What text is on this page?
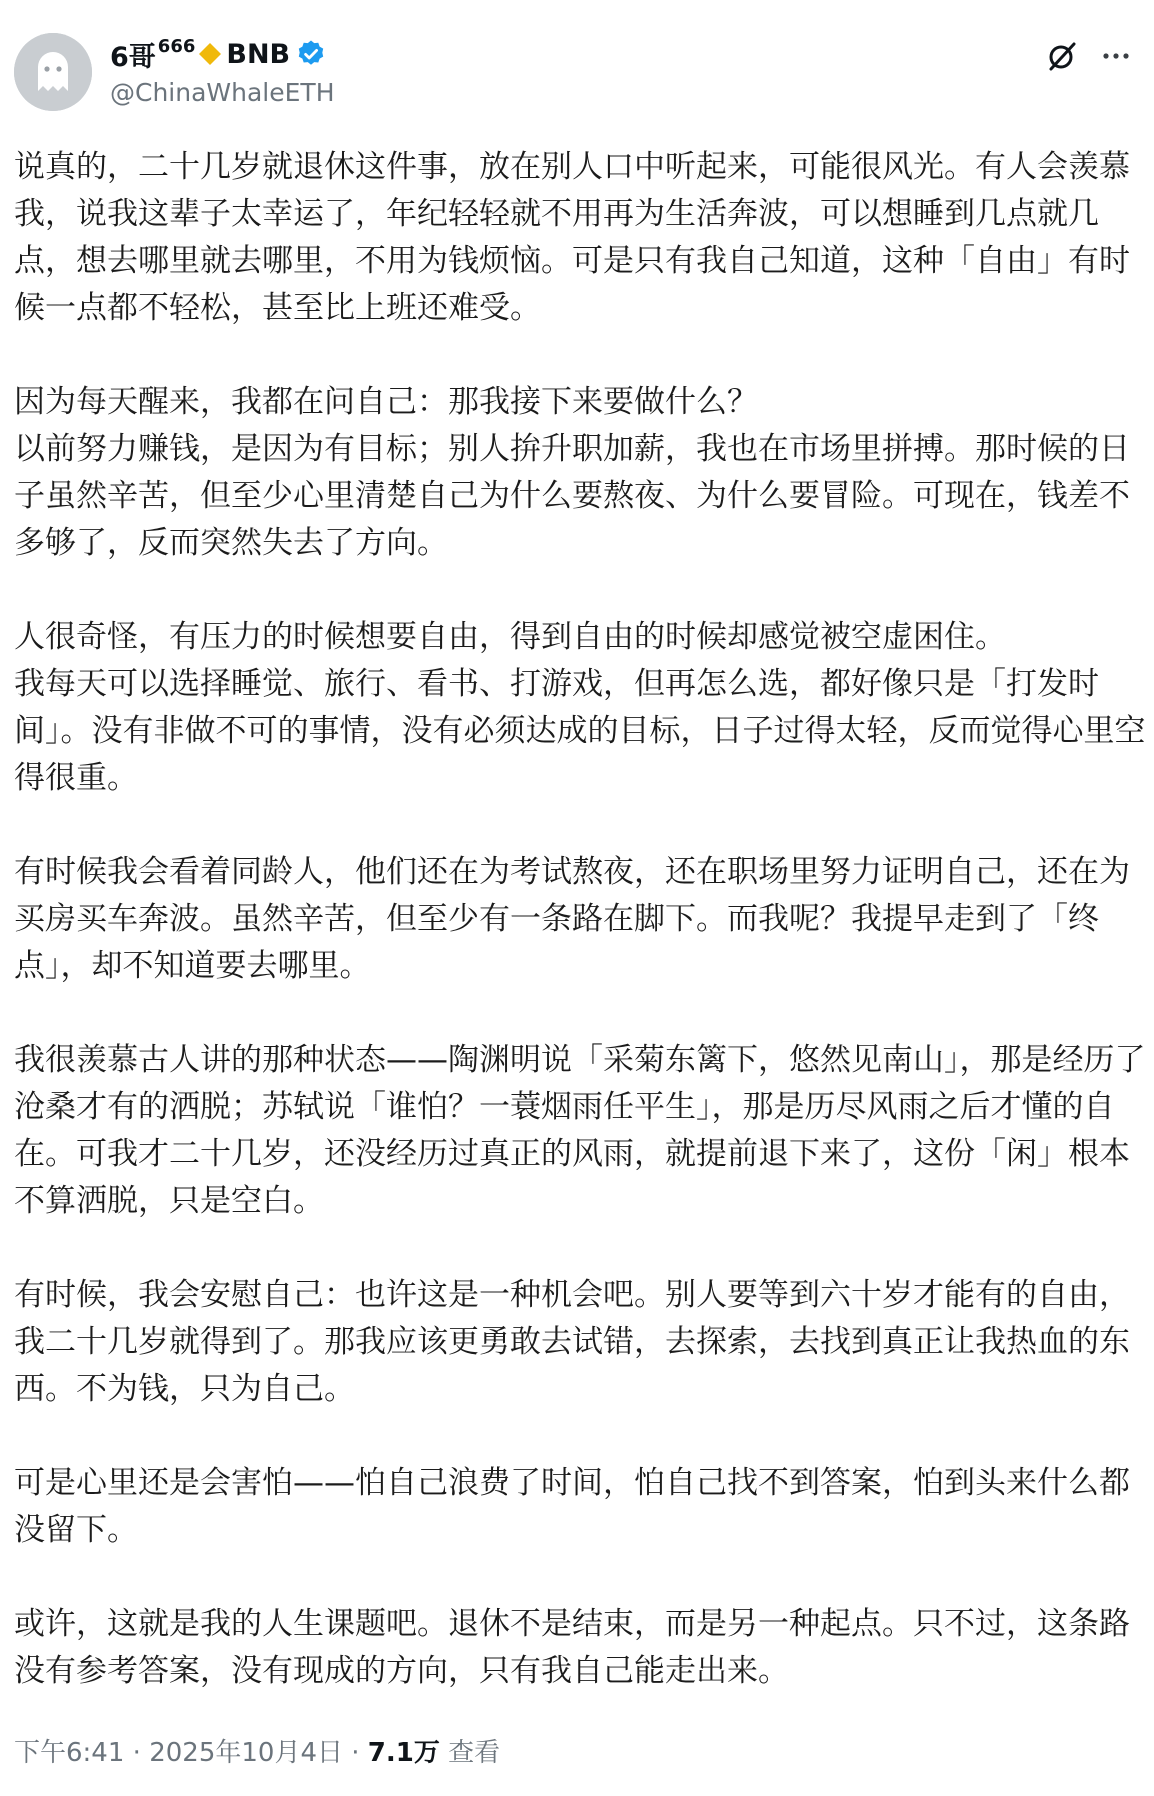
6哥 666 BNB
@ChinaWhaleETH

说真的，二十几岁就退休这件事，放在别人口中听起来，可能很风光。有人会羡慕我，说我这辈子太幸运了，年纪轻轻就不用再为生活奔波，可以想睡到几点就几点，想去哪里就去哪里，不用为钱烦恼。可是只有我自己知道，这种「自由」有时候一点都不轻松，甚至比上班还难受。

因为每天醒来，我都在问自己：那我接下来要做什么？
以前努力赚钱，是因为有目标；别人拚升职加薪，我也在市场里拼搏。那时候的日子虽然辛苦，但至少心里清楚自己为什么要熬夜、为什么要冒险。可现在，钱差不多够了，反而突然失去了方向。

人很奇怪，有压力的时候想要自由，得到自由的时候却感觉被空虚困住。
我每天可以选择睡觉、旅行、看书、打游戏，但再怎么选，都好像只是「打发时间」。没有非做不可的事情，没有必须达成的目标，日子过得太轻，反而觉得心里空得很重。

有时候我会看着同龄人，他们还在为考试熬夜，还在职场里努力证明自己，还在为买房买车奔波。虽然辛苦，但至少有一条路在脚下。而我呢？我提早走到了「终点」，却不知道要去哪里。

我很羡慕古人讲的那种状态——陶渊明说「采菊东篱下，悠然见南山」，那是经历了沧桑才有的洒脱；苏轼说「谁怕？一蓑烟雨任平生」，那是历尽风雨之后才懂的自在。可我才二十几岁，还没经历过真正的风雨，就提前退下来了，这份「闲」根本不算洒脱，只是空白。

有时候，我会安慰自己：也许这是一种机会吧。别人要等到六十岁才能有的自由，我二十几岁就得到了。那我应该更勇敢去试错，去探索，去找到真正让我热血的东西。不为钱，只为自己。

可是心里还是会害怕——怕自己浪费了时间，怕自己找不到答案，怕到头来什么都没留下。

或许，这就是我的人生课题吧。退休不是结束，而是另一种起点。只不过，这条路没有参考答案，没有现成的方向，只有我自己能走出来。

下午6:41 · 2025年10月4日 · 7.1万 查看
